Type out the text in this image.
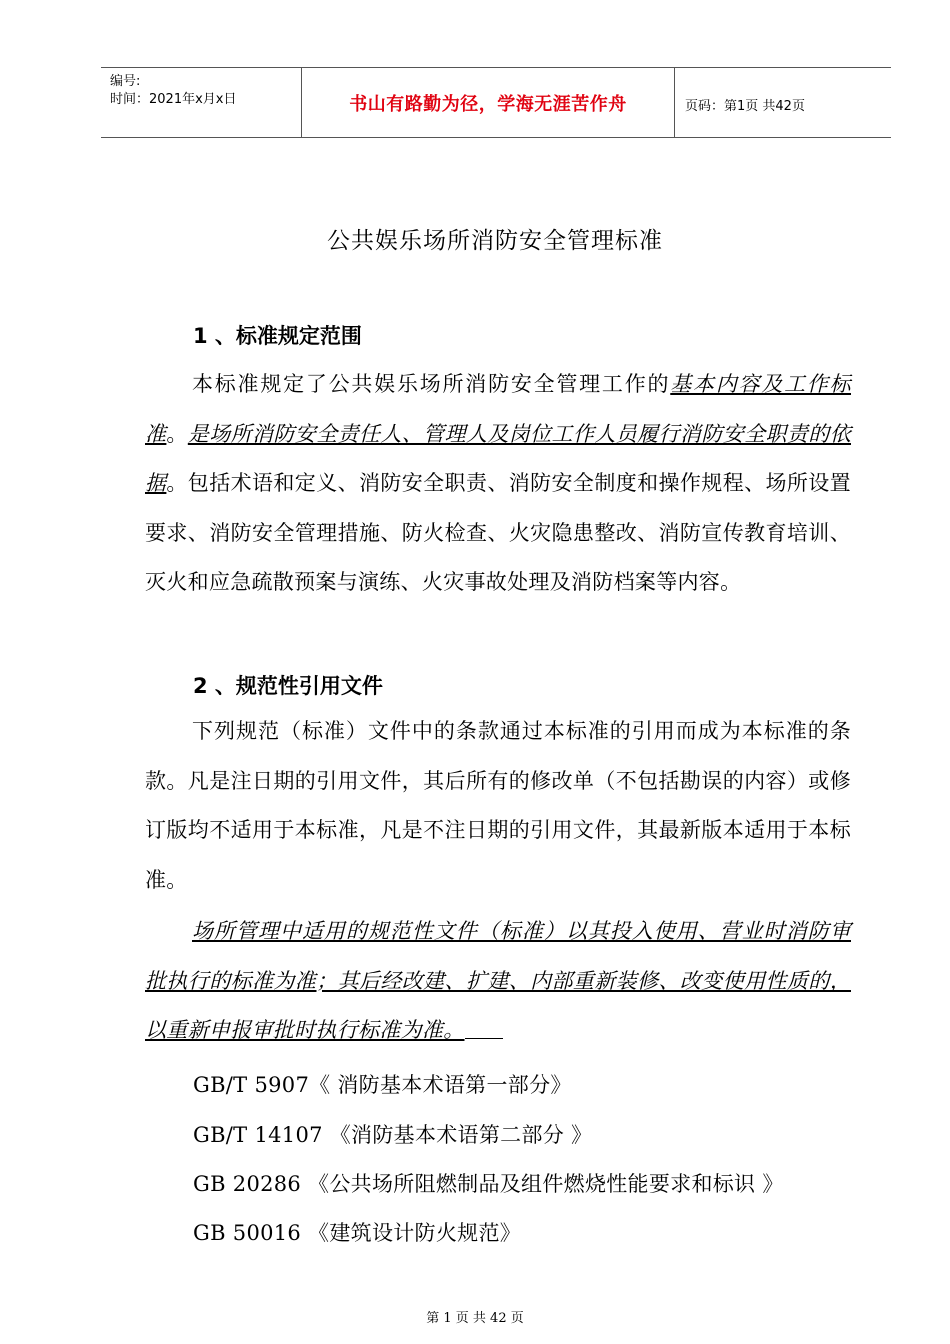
编号:
时间：2021年x月x日	书山有路勤为径，学海无涯苦作舟	页码：第1页 共42页
公共娱乐场所消防安全管理标准
1 、标准规定范围

本标准规定了公共娱乐场所消防安全管理工作的基本内容及工作标准。是场所消防安全责任人、管理人及岗位工作人员履行消防安全职责的依据。包括术语和定义、消防安全职责、消防安全制度和操作规程、场所设置要求、消防安全管理措施、防火检查、火灾隐患整改、消防宣传教育培训、灭火和应急疏散预案与演练、火灾事故处理及消防档案等内容。

2 、规范性引用文件

下列规范（标准）文件中的条款通过本标准的引用而成为本标准的条款。凡是注日期的引用文件，其后所有的修改单（不包括勘误的内容）或修订版均不适用于本标准，凡是不注日期的引用文件，其最新版本适用于本标准。

场所管理中适用的规范性文件（标准）以其投入使用、营业时消防审批执行的标准为准；其后经改建、扩建、内部重新装修、改变使用性质的，以重新申报审批时执行标准为准。

GB/T 5907《 消防基本术语第一部分》
GB/T 14107 《消防基本术语第二部分 》
GB 20286 《公共场所阻燃制品及组件燃烧性能要求和标识 》
GB 50016 《建筑设计防火规范》
第 1 页 共 42 页
